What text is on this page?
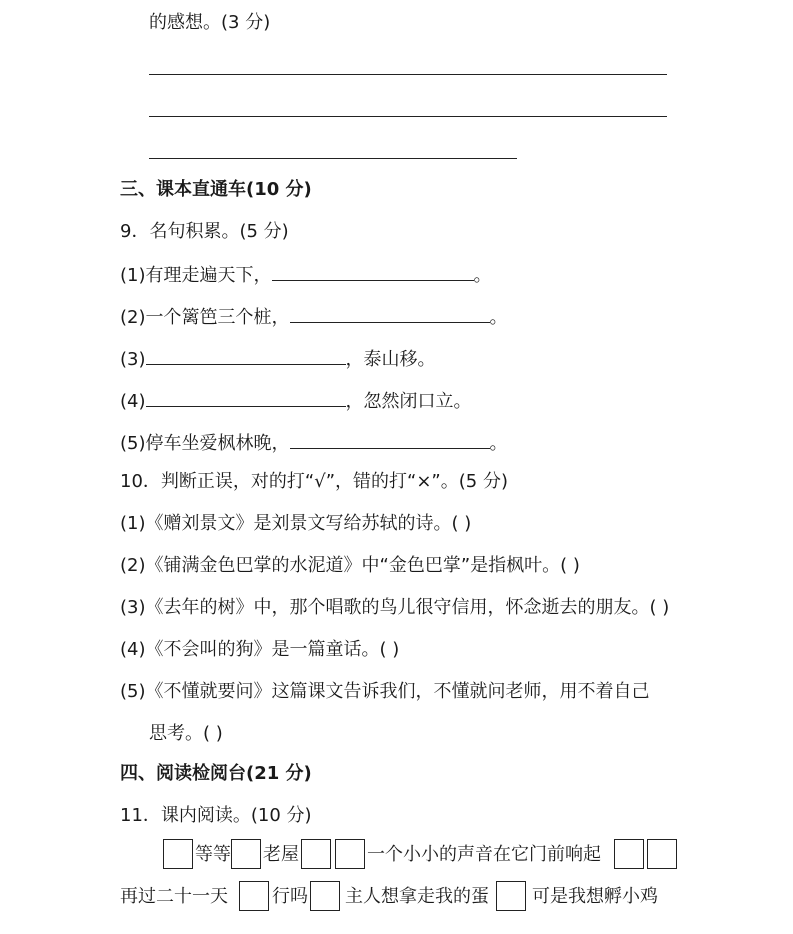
的感想。(3 分)
三、课本直通车(10 分)
9．名句积累。(5 分)
(1)有理走遍天下，	。
(2)一个篱笆三个桩，	。
(3)	，泰山移。
(4)	，忽然闭口立。
(5)停车坐爱枫林晚，	。
10．判断正误，对的打“√”，错的打“×”。(5 分)
(1)《赠刘景文》是刘景文写给苏轼的诗。( )
(2)《铺满金色巴掌的水泥道》中“金色巴掌”是指枫叶。( )
(3)《去年的树》中，那个唱歌的鸟儿很守信用，怀念逝去的朋友。( )
(4)《不会叫的狗》是一篇童话。( )
(5)《不懂就要问》这篇课文告诉我们，不懂就问老师，用不着自己
思考。( )
四、阅读检阅台(21 分)
11．课内阅读。(10 分)
等等 老屋	一个小小的声音在它门前响起
再过二十一天 行吗 主人想拿走我的蛋 可是我想孵小鸡
